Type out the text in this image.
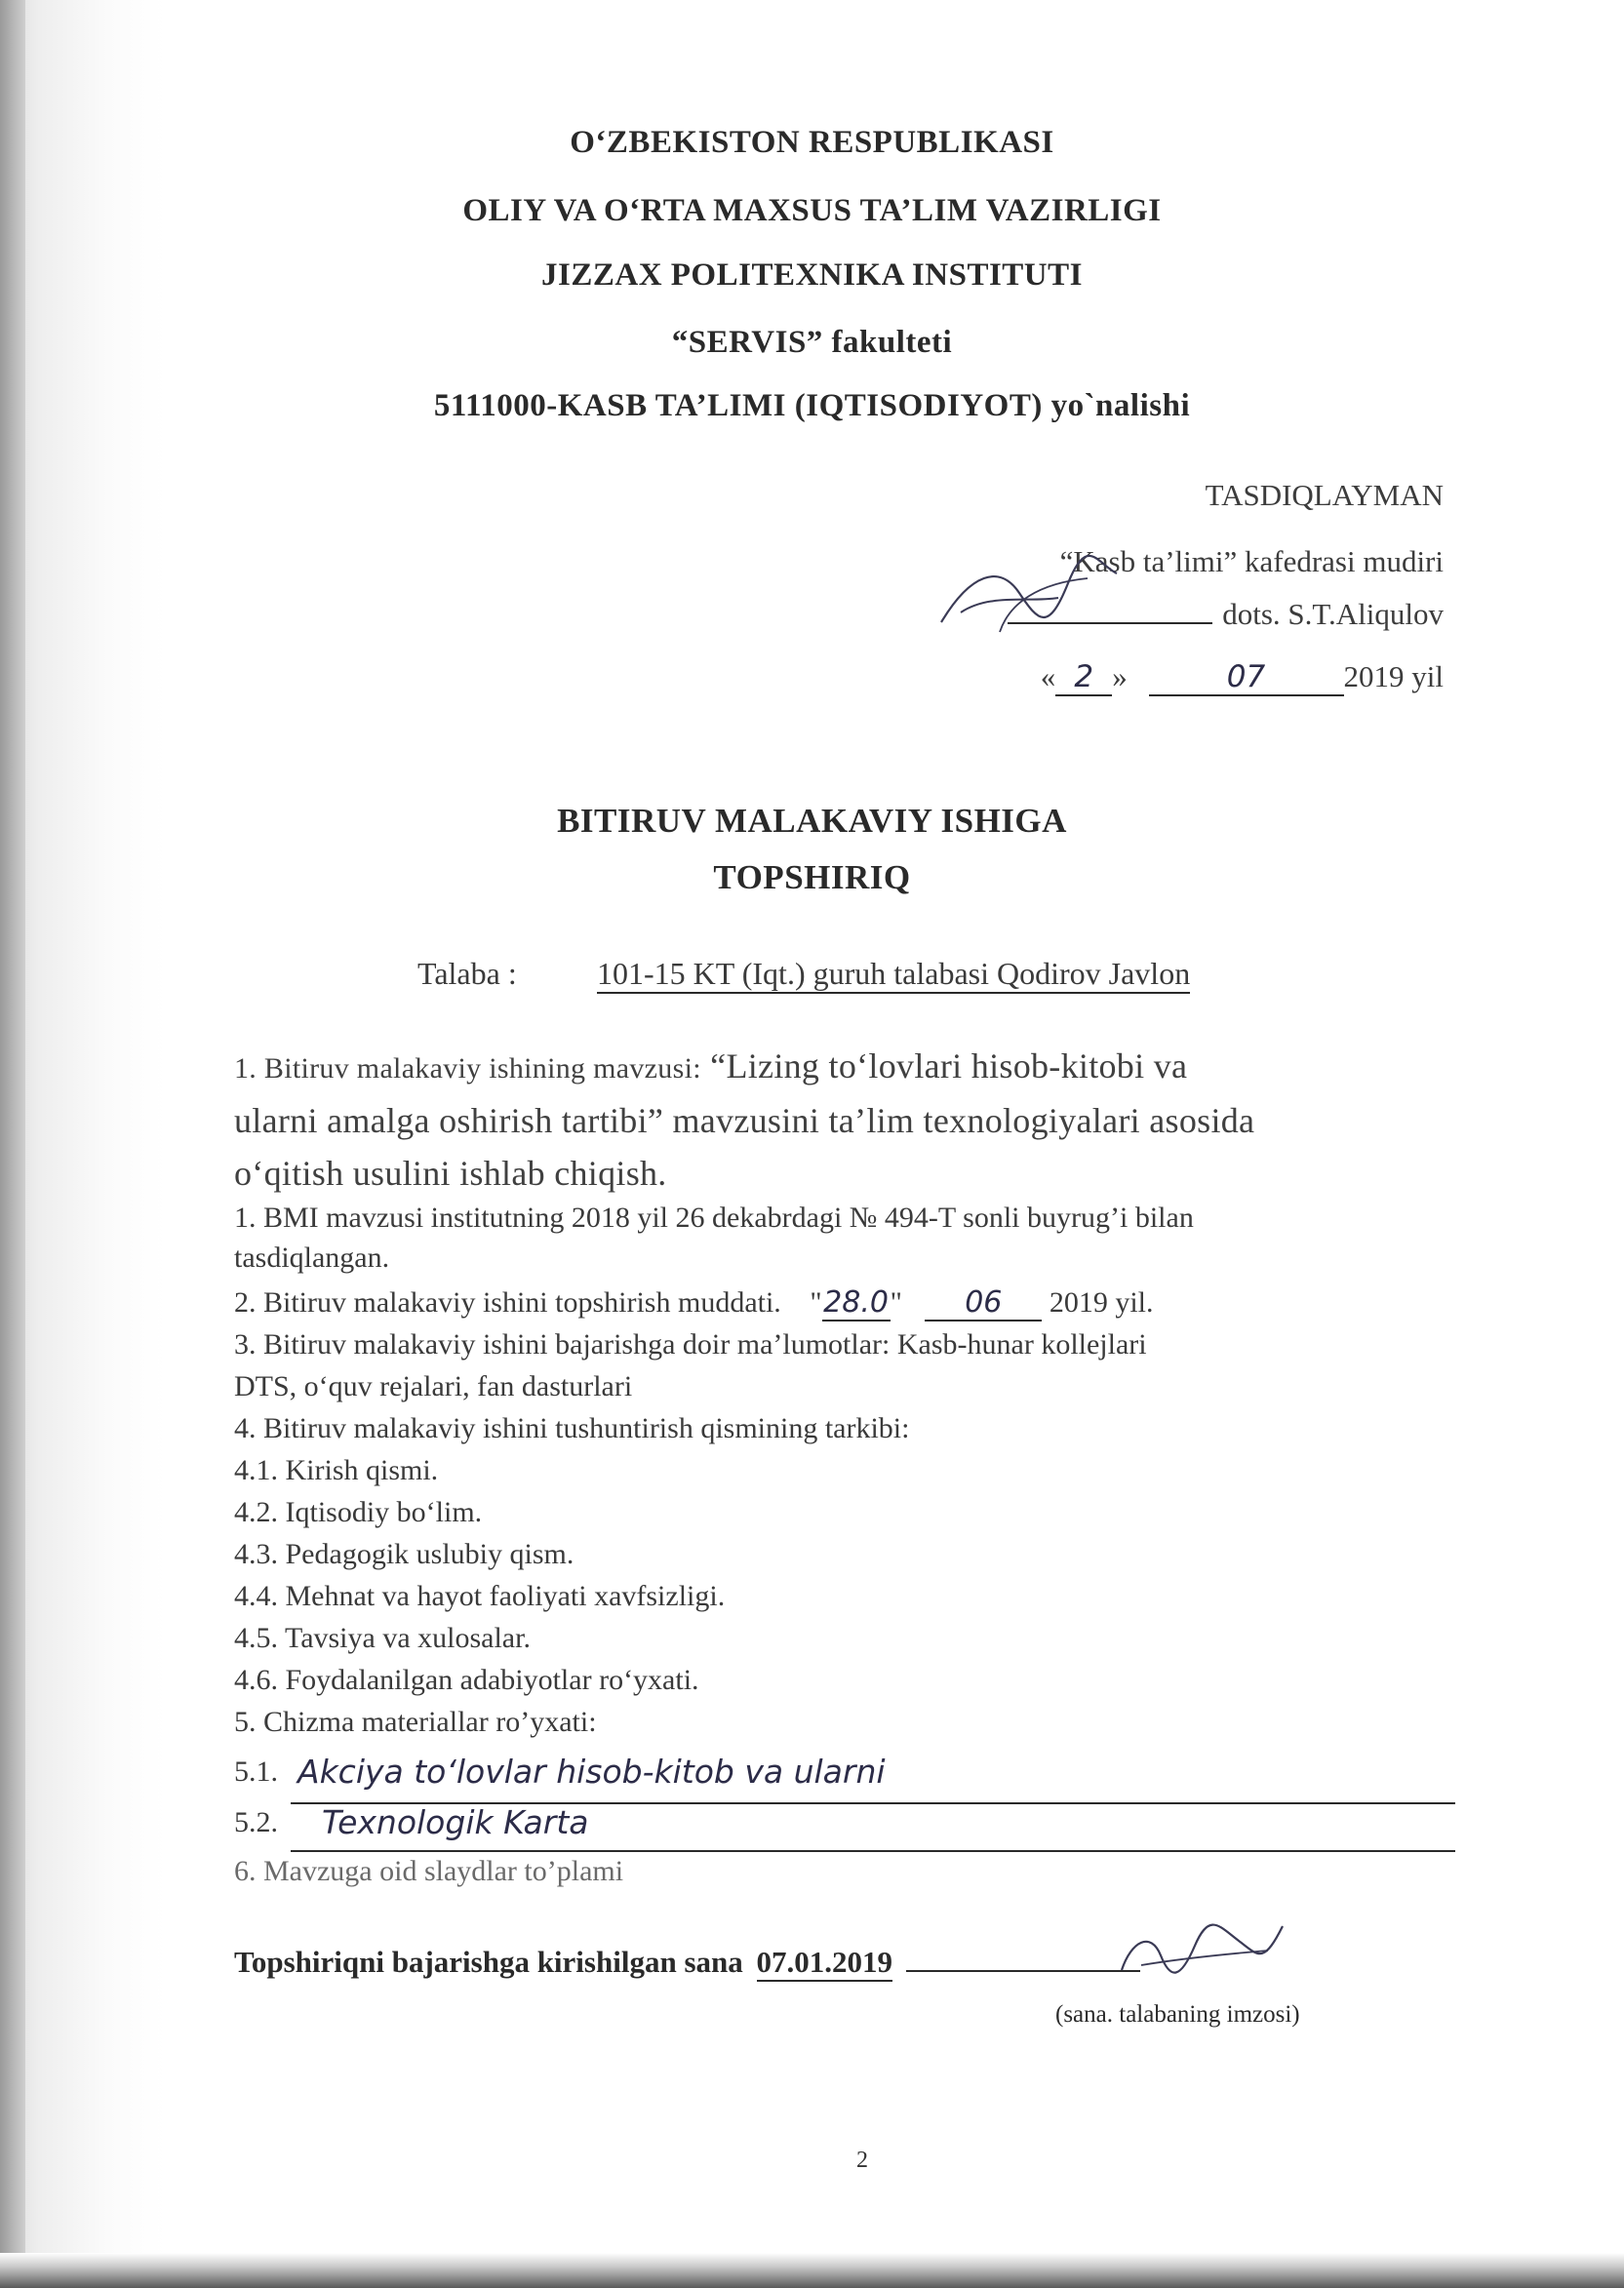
O‘ZBEKISTON RESPUBLIKASI
OLIY VA O‘RTA MAXSUS TA’LIM VAZIRLIGI
JIZZAX POLITEXNIKA INSTITUTI
“SERVIS” fakulteti
5111000-KASB TA’LIMI (IQTISODIYOT) yo`nalishi
TASDIQLAYMAN
“Kasb ta’limi” kafedrasi mudiri
dots. S.T.Aliqulov
« 2 »	07	2019 yil
BITIRUV MALAKAVIY ISHIGA
TOPSHIRIQ
Talaba :	101-15 KT (Iqt.) guruh talabasi Qodirov Javlon
1. Bitiruv malakaviy ishining mavzusi: “Lizing to‘lovlari hisob-kitobi va
ularni amalga oshirish tartibi” mavzusini ta’lim texnologiyalari asosida
o‘qitish usulini ishlab chiqish.
1. BMI mavzusi institutning 2018 yil 26 dekabrdagi № 494-T sonli buyrug’i bilan
tasdiqlangan.
2. Bitiruv malakaviy ishini topshirish muddati. "28.0" 06 2019 yil.
3. Bitiruv malakaviy ishini bajarishga doir ma’lumotlar: Kasb-hunar kollejlari
DTS, o‘quv rejalari, fan dasturlari
4. Bitiruv malakaviy ishini tushuntirish qismining tarkibi:
4.1. Kirish qismi.
4.2. Iqtisodiy bo‘lim.
4.3. Pedagogik uslubiy qism.
4.4. Mehnat va hayot faoliyati xavfsizligi.
4.5. Tavsiya va xulosalar.
4.6. Foydalanilgan adabiyotlar ro‘yxati.
5. Chizma materiallar ro’yxati:
5.1. Akciya to‘lovlar hisob-kitob va ularni
5.2. Texnologik Karta
6. Mavzuga oid slaydlar to’plami
Topshiriqni bajarishga kirishilgan sana 07.01.2019
(sana. talabaning imzosi)
2
